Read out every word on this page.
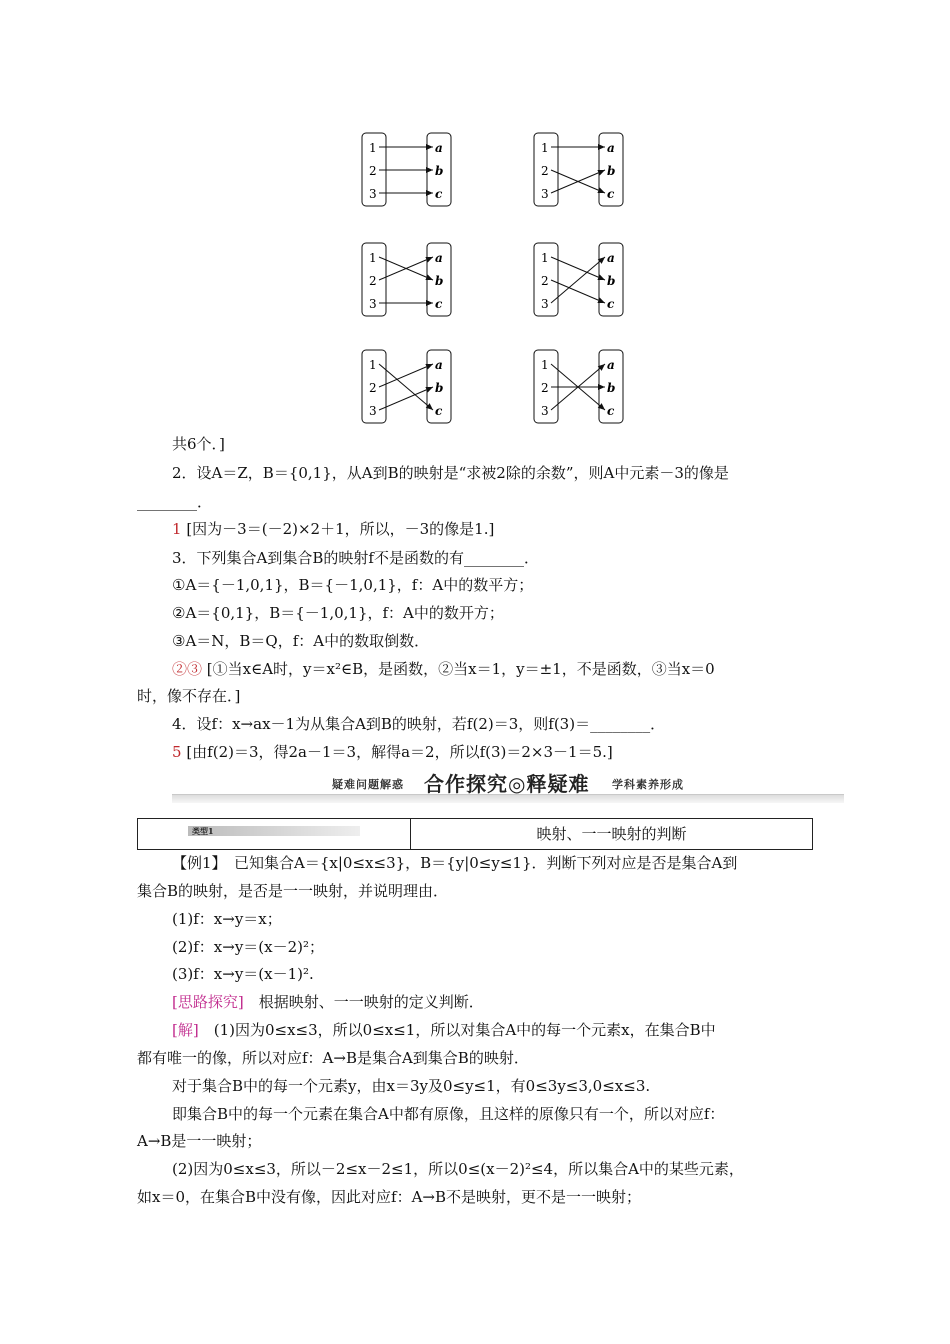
1	a
2	b
3	c
1	a
2	b
3	c
1	a
2	b
3	c
1	a
2	b
3	c
1	a
2	b
3	c
1	a
2	b
3	c
共6个．]
2．设A＝Z，B＝{0,1}，从A到B的映射是“求被2除的余数”，则A中元素－3的像是
________．
1 [因为－3＝(－2)×2＋1，所以，－3的像是1.]
3．下列集合A到集合B的映射f不是函数的有________．
①A＝{－1,0,1}，B＝{－1,0,1}，f：A中的数平方；
②A＝{0,1}，B＝{－1,0,1}，f：A中的数开方；
③A＝N，B＝Q，f：A中的数取倒数．
②③ [①当x∈A时，y＝x²∈B，是函数，②当x＝1，y＝±1，不是函数，③当x＝0
时，像不存在．]
4．设f：x→ax－1为从集合A到B的映射，若f(2)＝3，则f(3)＝________．
5 [由f(2)＝3，得2a－1＝3，解得a＝2，所以f(3)＝2×3－1＝5.]
疑难问题解惑 合作探究◎释疑难 学科素养形成
类型1	映射、一一映射的判断
【例1】　已知集合A＝{x|0≤x≤3}，B＝{y|0≤y≤1}．判断下列对应是否是集合A到
集合B的映射，是否是一一映射，并说明理由．
(1)f：x→y＝x；
(2)f：x→y＝(x－2)²；
(3)f：x→y＝(x－1)².
[思路探究]　根据映射、一一映射的定义判断．
[解]　(1)因为0≤x≤3，所以0≤x≤1，所以对集合A中的每一个元素x，在集合B中
都有唯一的像，所以对应f：A→B是集合A到集合B的映射．
对于集合B中的每一个元素y，由x＝3y及0≤y≤1，有0≤3y≤3,0≤x≤3.
即集合B中的每一个元素在集合A中都有原像，且这样的原像只有一个，所以对应f：
A→B是一一映射；
(2)因为0≤x≤3，所以－2≤x－2≤1，所以0≤(x－2)²≤4，所以集合A中的某些元素，
如x＝0，在集合B中没有像，因此对应f：A→B不是映射，更不是一一映射；
